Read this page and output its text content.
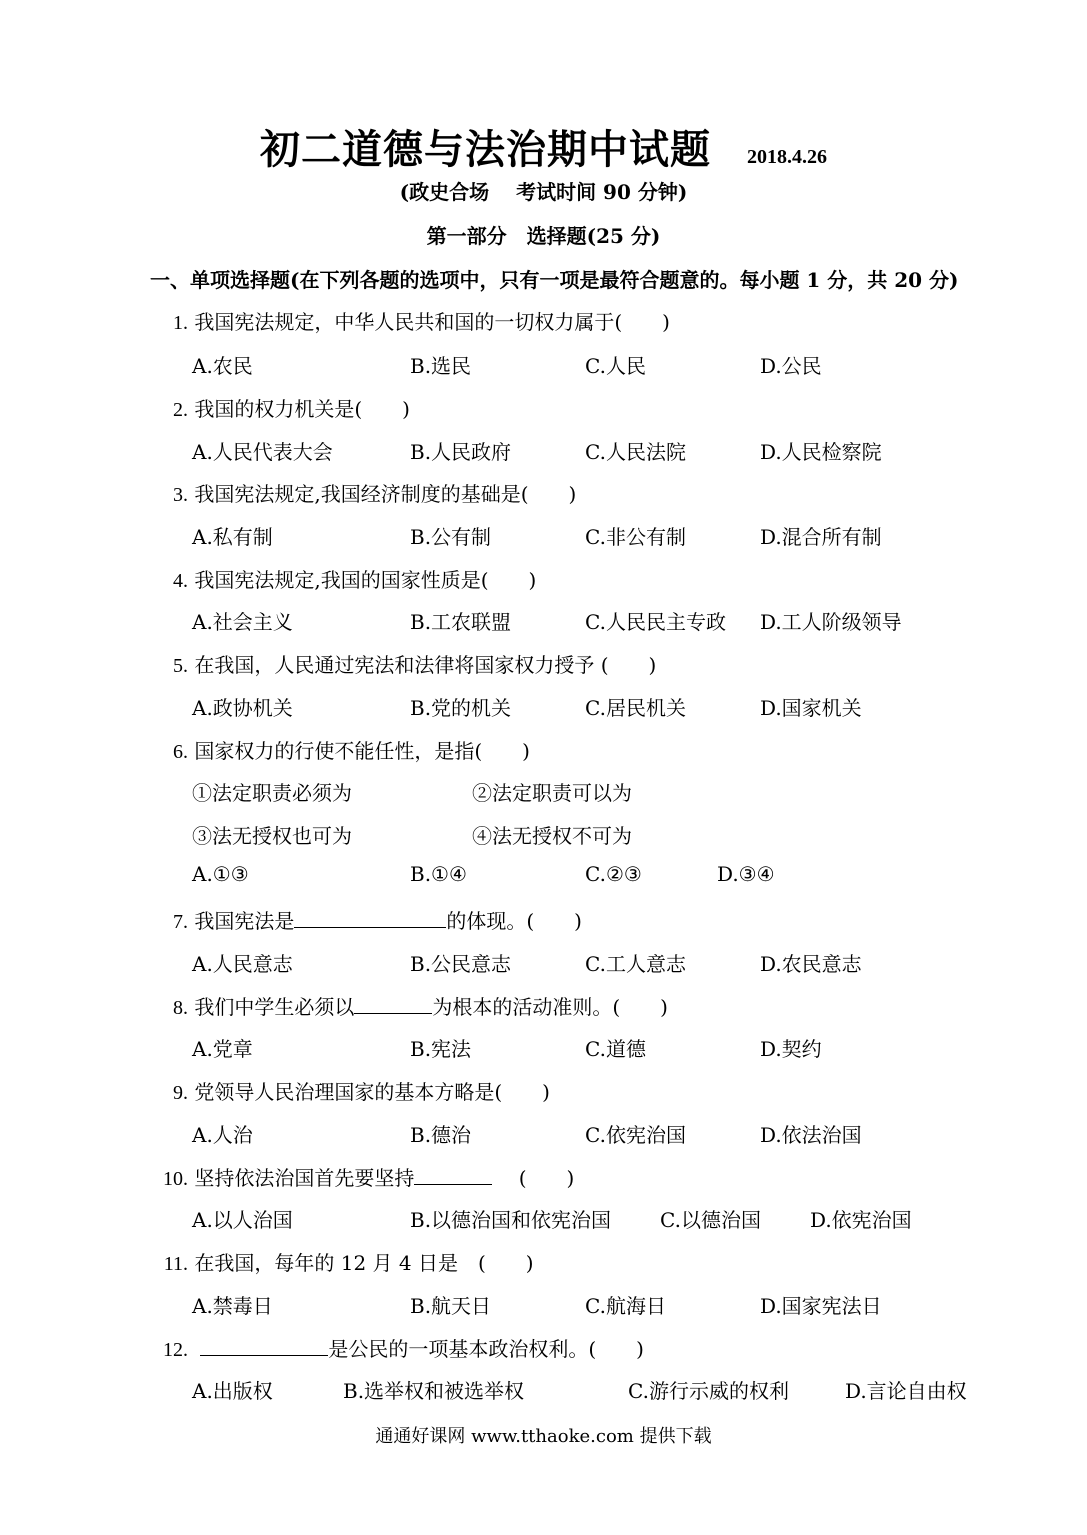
初二道德与法治期中试题 2018.4.26
(政史合场　 考试时间 90 分钟)
第一部分　选择题(25 分)
一、单项选择题(在下列各题的选项中，只有一项是最符合题意的。每小题 1 分，共 20 分)
1. 我国宪法规定，中华人民共和国的一切权力属于(　　)
A.农民	B.选民	C.人民	D.公民
2. 我国的权力机关是(　　)
A.人民代表大会	B.人民政府	C.人民法院	D.人民检察院
3. 我国宪法规定,我国经济制度的基础是(　　)
A.私有制	B.公有制	C.非公有制	D.混合所有制
4. 我国宪法规定,我国的国家性质是(　　)
A.社会主义	B.工农联盟	C.人民民主专政 D.工人阶级领导
5. 在我国，人民通过宪法和法律将国家权力授予 (　　)
A.政协机关	B.党的机关	C.居民机关	D.国家机关
6. 国家权力的行使不能任性，是指(　　)
①法定职责必须为	②法定职责可以为
③法无授权也可为	④法无授权不可为
A.①③	B.①④	C.②③	D.③④
7. 我国宪法是	的体现。(　　)
A.人民意志	B.公民意志	C.工人意志	D.农民意志
8. 我们中学生必须以	为根本的活动准则。(　　)
A.党章	B.宪法	C.道德	D.契约
9. 党领导人民治理国家的基本方略是(　　)
A.人治	B.德治	C.依宪治国	D.依法治国
10. 坚持依法治国首先要坚持	　 (　　)
A.以人治国	B.以德治国和依宪治国 C.以德治国 D.依宪治国
11. 在我国，每年的 12 月 4 日是　(　　)
A.禁毒日	B.航天日	C.航海日	D.国家宪法日
12.	是公民的一项基本政治权利。(　　)
A.出版权	B.选举权和被选举权	C.游行示威的权利	D.言论自由权
通通好课网 www.tthaoke.com 提供下载
